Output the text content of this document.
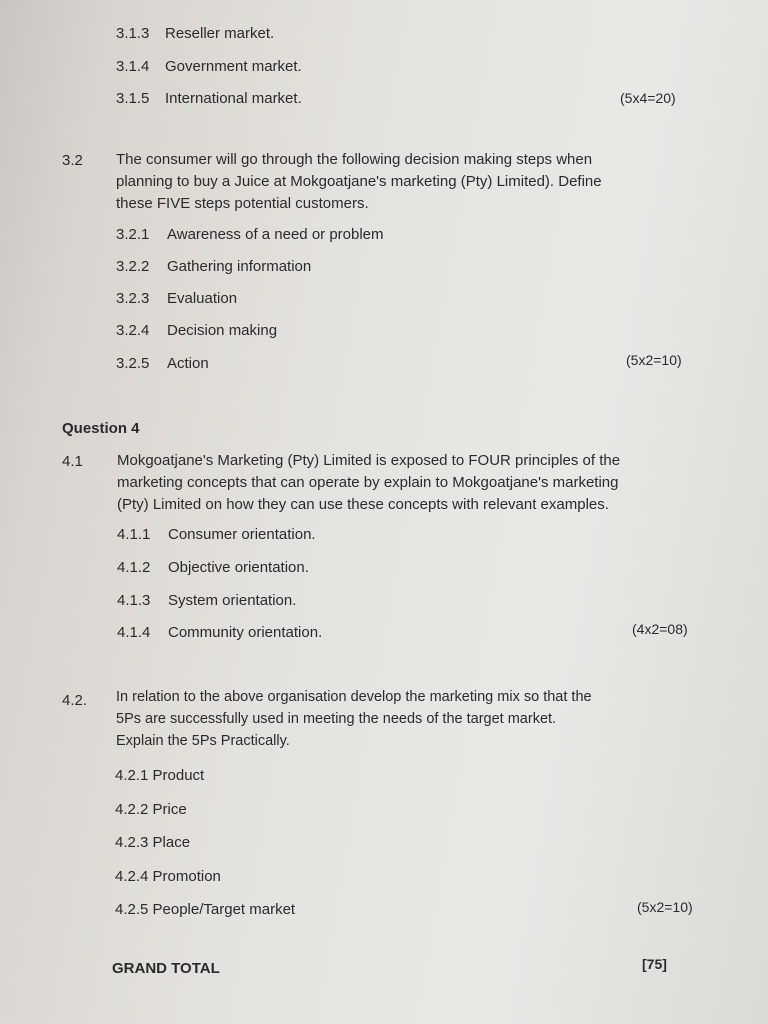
3.1.3 Reseller market.
3.1.4 Government market.
3.1.5 International market.	(5x4=20)
3.2 The consumer will go through the following decision making steps when
planning to buy a Juice at Mokgoatjane's marketing (Pty) Limited). Define
these FIVE steps potential customers.
3.2.1 Awareness of a need or problem
3.2.2 Gathering information
3.2.3 Evaluation
3.2.4 Decision making
3.2.5 Action	(5x2=10)
Question 4
4.1 Mokgoatjane's Marketing (Pty) Limited is exposed to FOUR principles of the
marketing concepts that can operate by explain to Mokgoatjane's marketing
(Pty) Limited on how they can use these concepts with relevant examples.
4.1.1 Consumer orientation.
4.1.2 Objective orientation.
4.1.3 System orientation.
4.1.4 Community orientation.	(4x2=08)
4.2. In relation to the above organisation develop the marketing mix so that the
5Ps are successfully used in meeting the needs of the target market.
Explain the 5Ps Practically.
4.2.1 Product
4.2.2 Price
4.2.3 Place
4.2.4 Promotion
4.2.5 People/Target market	(5x2=10)
GRAND TOTAL	[75]
